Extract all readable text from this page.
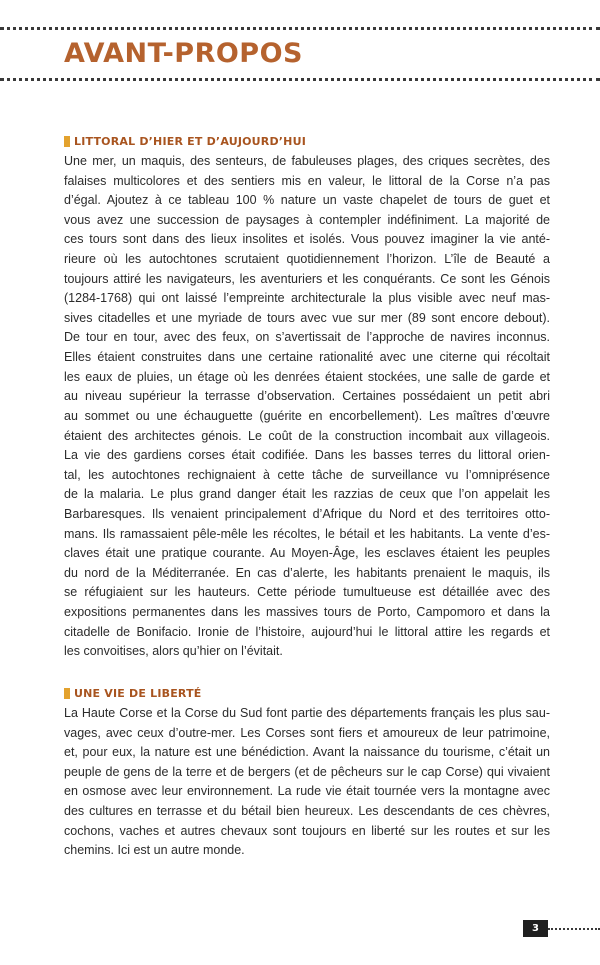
AVANT-PROPOS
LITTORAL D’HIER ET D’AUJOURD’HUI
Une mer, un maquis, des senteurs, de fabuleuses plages, des criques secrètes, des
falaises multicolores et des sentiers mis en valeur, le littoral de la Corse n’a pas
d’égal. Ajoutez à ce tableau 100 % nature un vaste chapelet de tours de guet et
vous avez une succession de paysages à contempler indéfiniment. La majorité de
ces tours sont dans des lieux insolites et isolés. Vous pouvez imaginer la vie anté-
rieure où les autochtones scrutaient quotidiennement l’horizon. L’île de Beauté a
toujours attiré les navigateurs, les aventuriers et les conquérants. Ce sont les Génois
(1284-1768) qui ont laissé l’empreinte architecturale la plus visible avec neuf mas-
sives citadelles et une myriade de tours avec vue sur mer (89 sont encore debout).
De tour en tour, avec des feux, on s’avertissait de l’approche de navires inconnus.
Elles étaient construites dans une certaine rationalité avec une citerne qui récoltait
les eaux de pluies, un étage où les denrées étaient stockées, une salle de garde et
au niveau supérieur la terrasse d’observation. Certaines possédaient un petit abri
au sommet ou une échauguette (guérite en encorbellement). Les maîtres d’œuvre
étaient des architectes génois. Le coût de la construction incombait aux villageois.
La vie des gardiens corses était codifiée. Dans les basses terres du littoral orien-
tal, les autochtones rechignaient à cette tâche de surveillance vu l’omniprésence
de la malaria. Le plus grand danger était les razzias de ceux que l’on appelait les
Barbaresques. Ils venaient principalement d’Afrique du Nord et des territoires otto-
mans. Ils ramassaient pêle-mêle les récoltes, le bétail et les habitants. La vente d’es-
claves était une pratique courante. Au Moyen-Âge, les esclaves étaient les peuples
du nord de la Méditerranée. En cas d’alerte, les habitants prenaient le maquis, ils
se réfugiaient sur les hauteurs. Cette période tumultueuse est détaillée avec des
expositions permanentes dans les massives tours de Porto, Campomoro et dans la
citadelle de Bonifacio. Ironie de l’histoire, aujourd’hui le littoral attire les regards et
les convoitises, alors qu’hier on l’évitait.
UNE VIE DE LIBERTÉ
La Haute Corse et la Corse du Sud font partie des départements français les plus sau-
vages, avec ceux d’outre-mer. Les Corses sont fiers et amoureux de leur patrimoine,
et, pour eux, la nature est une bénédiction. Avant la naissance du tourisme, c’était un
peuple de gens de la terre et de bergers (et de pêcheurs sur le cap Corse) qui vivaient
en osmose avec leur environnement. La rude vie était tournée vers la montagne avec
des cultures en terrasse et du bétail bien heureux. Les descendants de ces chèvres,
cochons, vaches et autres chevaux sont toujours en liberté sur les routes et sur les
chemins. Ici est un autre monde.
3
